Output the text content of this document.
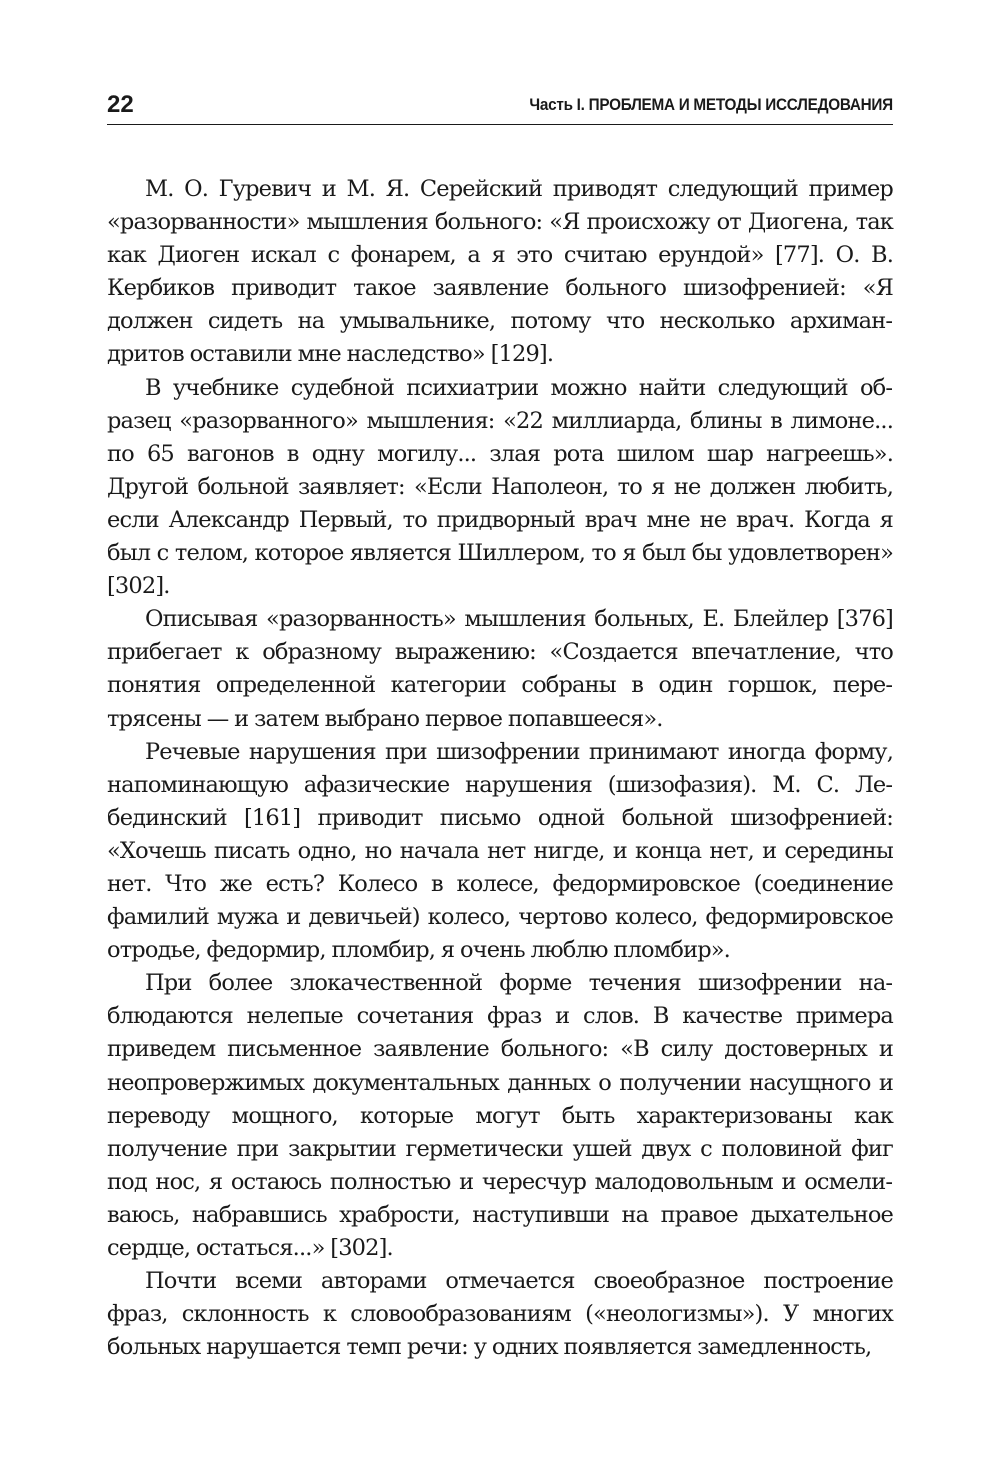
22	Часть I. ПРОБЛЕМА И МЕТОДЫ ИССЛЕДОВАНИЯ

М. О. Гуревич и М. Я. Серейский приводят следующий пример «разорванности» мышления больного: «Я происхожу от Диогена, так как Диоген искал с фонарем, а я это считаю ерундой» [77]. О. В. Кербиков приводит такое заявление больного шизофренией: «Я должен сидеть на умывальнике, потому что несколько архимандритов оставили мне наследство» [129].

В учебнике судебной психиатрии можно найти следующий образец «разорванного» мышления: «22 миллиарда, блины в лимоне... по 65 вагонов в одну могилу... злая рота шилом шар нагреешь». Другой больной заявляет: «Если Наполеон, то я не должен любить, если Александр Первый, то придворный врач мне не врач. Когда я был с телом, которое является Шиллером, то я был бы удовлетворен» [302].

Описывая «разорванность» мышления больных, Е. Блейлер [376] прибегает к образному выражению: «Создается впечатление, что понятия определенной категории собраны в один горшок, перетрясены — и затем выбрано первое попавшееся».

Речевые нарушения при шизофрении принимают иногда форму, напоминающую афазические нарушения (шизофазия). М. С. Лебединский [161] приводит письмо одной больной шизофренией: «Хочешь писать одно, но начала нет нигде, и конца нет, и середины нет. Что же есть? Колесо в колесе, федормировское (соединение фамилий мужа и девичьей) колесо, чертово колесо, федормировское отродье, федормир, пломбир, я очень люблю пломбир».

При более злокачественной форме течения шизофрении наблюдаются нелепые сочетания фраз и слов. В качестве примера приведем письменное заявление больного: «В силу достоверных и неопровержимых документальных данных о получении насущного и переводу мощного, которые могут быть характеризованы как получение при закрытии герметически ушей двух с половиной фиг под нос, я остаюсь полностью и чересчур малодовольным и осмеливаюсь, набравшись храбрости, наступивши на правое дыхательное сердце, остаться...» [302].

Почти всеми авторами отмечается своеобразное построение фраз, склонность к словообразованиям («неологизмы»). У многих больных нарушается темп речи: у одних появляется замедленность,
